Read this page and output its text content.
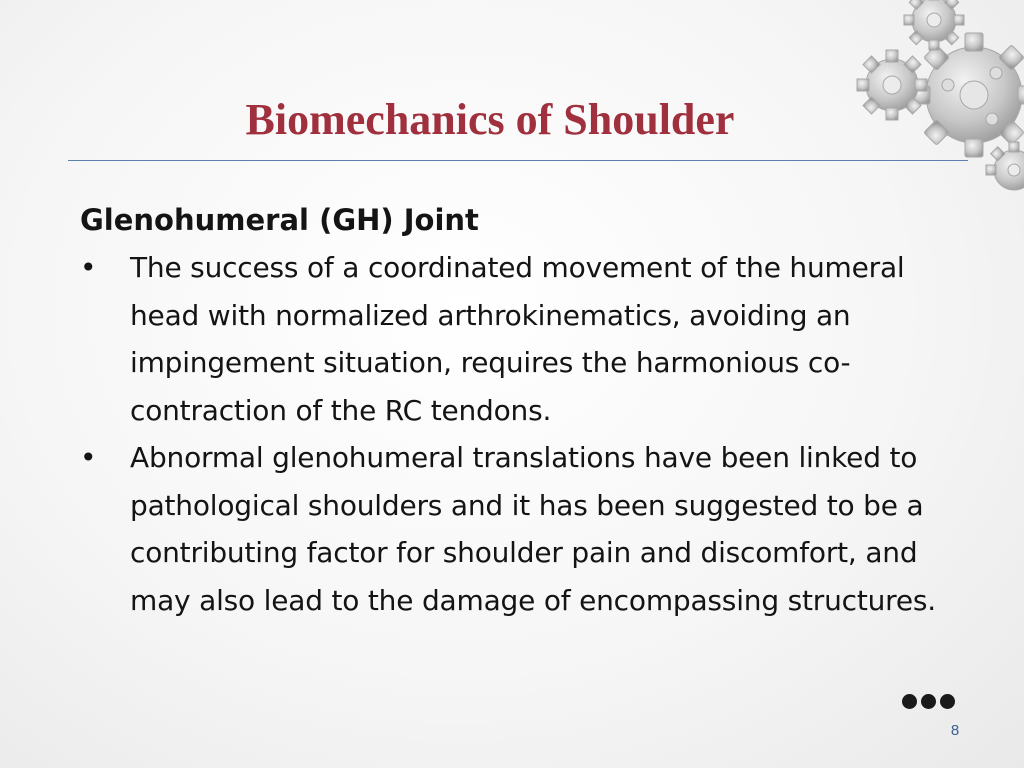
Biomechanics of Shoulder

Glenohumeral (GH) Joint

• The success of a coordinated movement of the humeral head with normalized arthrokinematics, avoiding an impingement situation, requires the harmonious co-contraction of the RC tendons.
• Abnormal glenohumeral translations have been linked to pathological shoulders and it has been suggested to be a contributing factor for shoulder pain and discomfort, and may also lead to the damage of encompassing structures.
8
